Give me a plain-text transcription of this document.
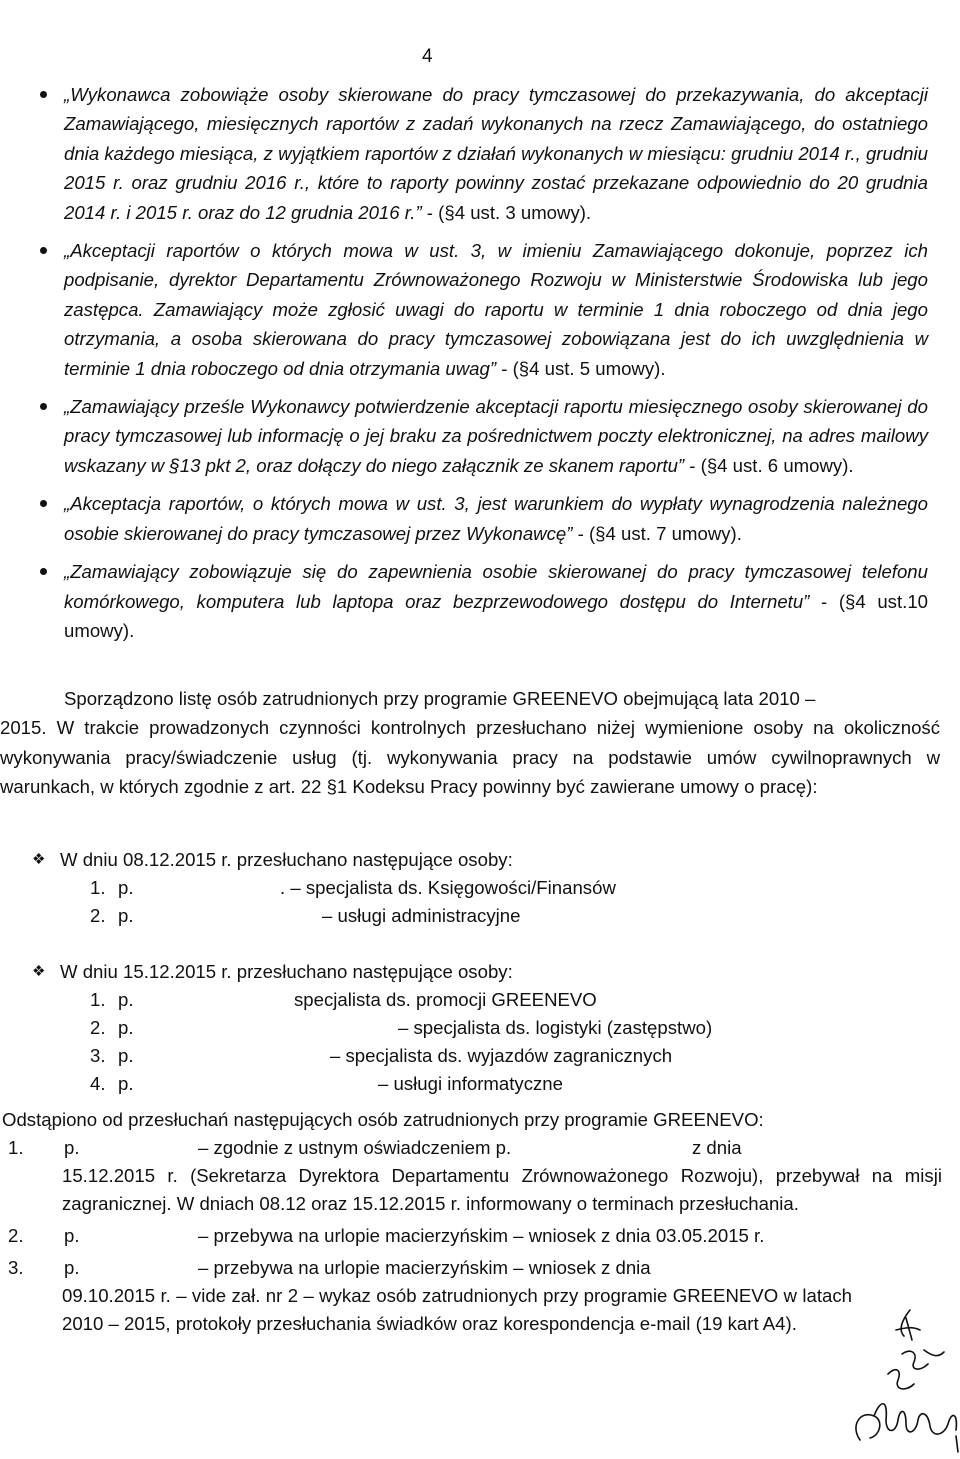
4
„Wykonawca zobowiąże osoby skierowane do pracy tymczasowej do przekazywania, do akceptacji Zamawiającego, miesięcznych raportów z zadań wykonanych na rzecz Zamawiającego, do ostatniego dnia każdego miesiąca, z wyjątkiem raportów z działań wykonanych w miesiącu: grudniu 2014 r., grudniu 2015 r. oraz grudniu 2016 r., które to raporty powinny zostać przekazane odpowiednio do 20 grudnia 2014 r. i 2015 r. oraz do 12 grudnia 2016 r.” - (§4 ust. 3 umowy).
„Akceptacji raportów o których mowa w ust. 3, w imieniu Zamawiającego dokonuje, poprzez ich podpisanie, dyrektor Departamentu Zrównoważonego Rozwoju w Ministerstwie Środowiska lub jego zastępca. Zamawiający może zgłosić uwagi do raportu w terminie 1 dnia roboczego od dnia jego otrzymania, a osoba skierowana do pracy tymczasowej zobowiązana jest do ich uwzględnienia w terminie 1 dnia roboczego od dnia otrzymania uwag” - (§4 ust. 5 umowy).
„Zamawiający prześle Wykonawcy potwierdzenie akceptacji raportu miesięcznego osoby skierowanej do pracy tymczasowej lub informację o jej braku za pośrednictwem poczty elektronicznej, na adres mailowy wskazany w §13 pkt 2, oraz dołączy do niego załącznik ze skanem raportu” - (§4 ust. 6 umowy).
„Akceptacja raportów, o których mowa w ust. 3, jest warunkiem do wypłaty wynagrodzenia należnego osobie skierowanej do pracy tymczasowej przez Wykonawcę” - (§4 ust. 7 umowy).
„Zamawiający zobowiązuje się do zapewnienia osobie skierowanej do pracy tymczasowej telefonu komórkowego, komputera lub laptopa oraz bezprzewodowego dostępu do Internetu” - (§4 ust.10 umowy).

Sporządzono listę osób zatrudnionych przy programie GREENEVO obejmującą lata 2010 –
2015. W trakcie prowadzonych czynności kontrolnych przesłuchano niżej wymienione osoby na okoliczność wykonywania pracy/świadczenie usług (tj. wykonywania pracy na podstawie umów cywilnoprawnych w warunkach, w których zgodnie z art. 22 §1 Kodeksu Pracy powinny być zawierane umowy o pracę):

❖ W dniu 08.12.2015 r. przesłuchano następujące osoby:
1. p.	. – specjalista ds. Księgowości/Finansów
2. p.	– usługi administracyjne
❖ W dniu 15.12.2015 r. przesłuchano następujące osoby:
1. p.	specjalista ds. promocji GREENEVO
2. p.	– specjalista ds. logistyki (zastępstwo)
3. p.	– specjalista ds. wyjazdów zagranicznych
4. p.	– usługi informatyczne
Odstąpiono od przesłuchań następujących osób zatrudnionych przy programie GREENEVO:
1. p.	– zgodnie z ustnym oświadczeniem p.                                   z dnia
15.12.2015 r. (Sekretarza Dyrektora Departamentu Zrównoważonego Rozwoju), przebywał na misji zagranicznej. W dniach 08.12 oraz 15.12.2015 r. informowany o terminach przesłuchania.
2. p.	– przebywa na urlopie macierzyńskim – wniosek z dnia 03.05.2015 r.
3. p.	– przebywa na urlopie macierzyńskim – wniosek z dnia
09.10.2015 r. – vide zał. nr 2 – wykaz osób zatrudnionych przy programie GREENEVO w latach 2010 – 2015, protokoły przesłuchania świadków oraz korespondencja e-mail (19 kart A4).
